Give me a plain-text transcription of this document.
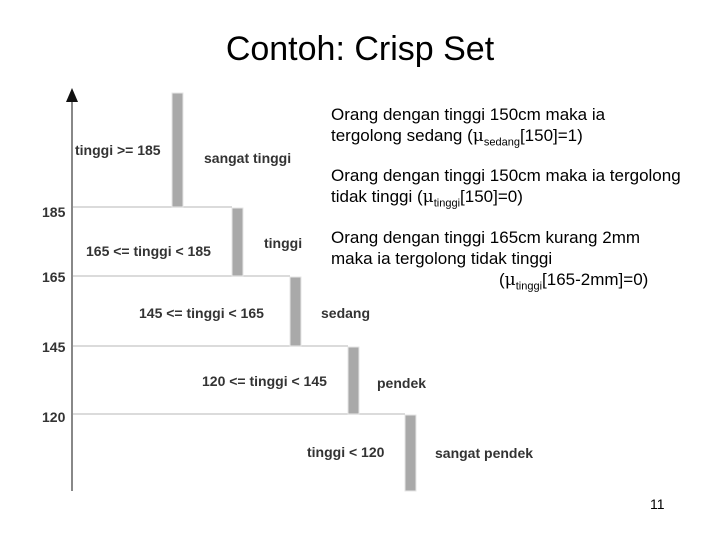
Contoh: Crisp Set
185
165
145
120
tinggi >= 185
165 <= tinggi < 185
145 <= tinggi < 165
120 <= tinggi < 145
tinggi < 120
sangat tinggi
tinggi
sedang
pendek
sangat pendek

Orang dengan tinggi 150cm maka ia

tergolong sedang $(\mu_{sedang}[150]=1)$

Orang dengan tinggi 150cm maka ia tergolong

tidak tinggi $(\mu_{tinggi}[150]=0)$

Orang dengan tinggi 165cm kurang 2mm

maka ia tergolong tidak tinggi

$(\mu_{tinggi}[165-2mm]=0)$

11
